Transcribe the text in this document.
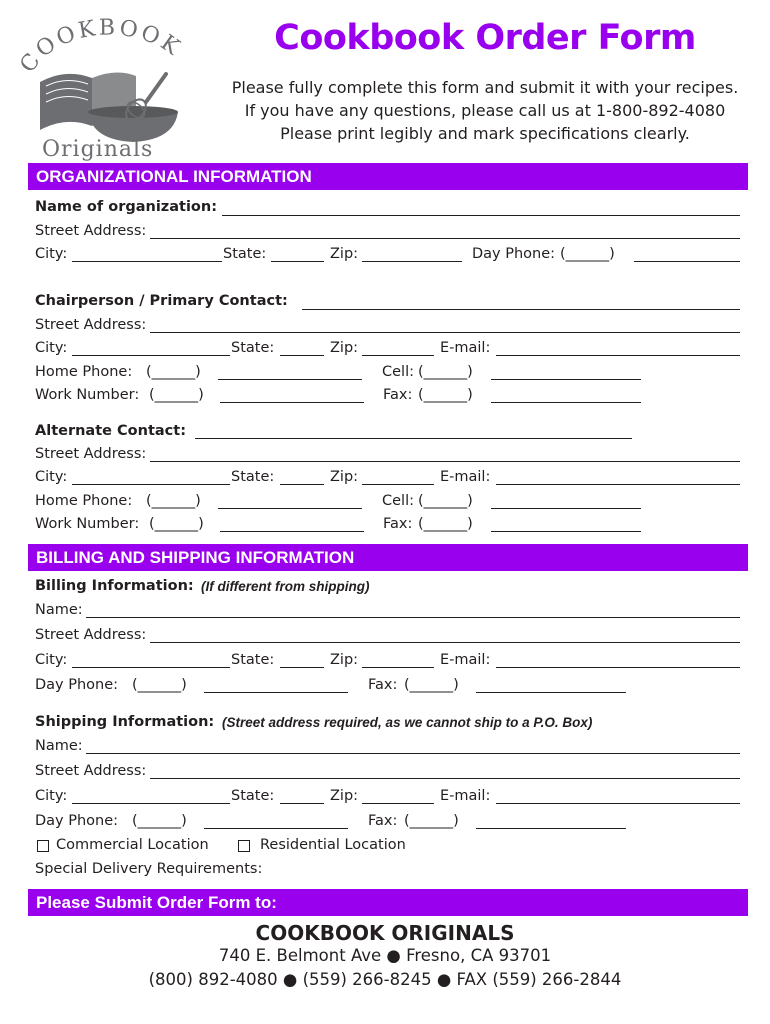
COOKBOOK
Originals
Cookbook Order Form
Please fully complete this form and submit it with your recipes.
If you have any questions, please call us at 1-800-892-4080
Please print legibly and mark specifications clearly.
ORGANIZATIONAL INFORMATION
Name of organization:
Street Address:
City:	State:	Zip:	Day Phone: (______)
Chairperson / Primary Contact:
Street Address:
City:	State:	Zip:	E-mail:
Home Phone: (______)	Cell: (______)
Work Number: (______)	Fax: (______)
Alternate Contact:
Street Address:
City:	State:	Zip:	E-mail:
Home Phone: (______)	Cell: (______)
Work Number: (______)	Fax: (______)
BILLING AND SHIPPING INFORMATION
Billing Information: (If different from shipping)
Name:
Street Address:
City:	State:	Zip:	E-mail:
Day Phone: (______)	Fax: (______)
Shipping Information: (Street address required, as we cannot ship to a P.O. Box)
Name:
Street Address:
City:	State:	Zip:	E-mail:
Day Phone: (______)	Fax: (______)
Commercial Location	Residential Location
Special Delivery Requirements:
Please Submit Order Form to:
COOKBOOK ORIGINALS
740 E. Belmont Ave ● Fresno, CA 93701
(800) 892-4080 ● (559) 266-8245 ● FAX (559) 266-2844
